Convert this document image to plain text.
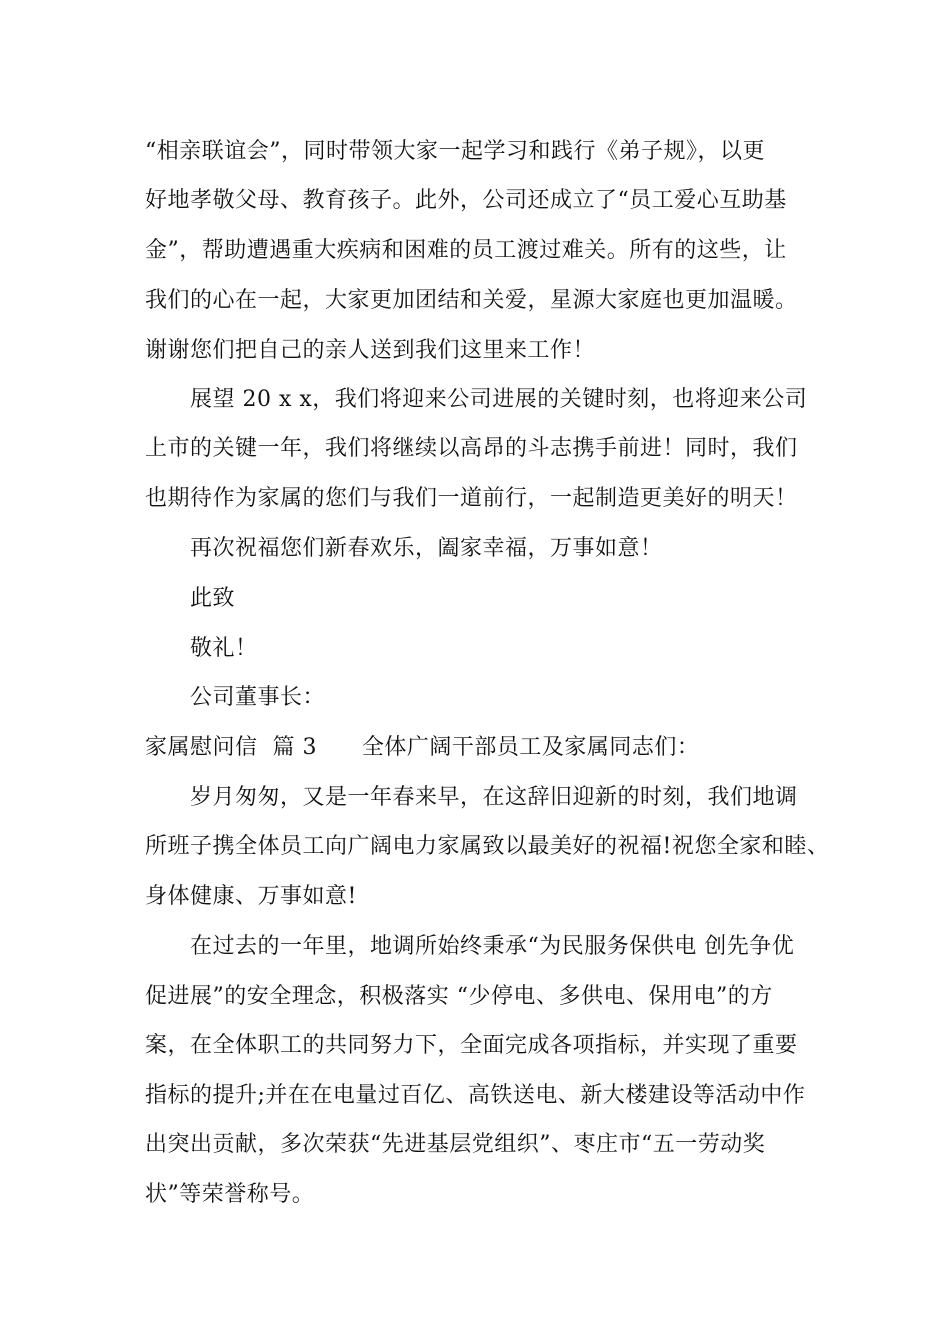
“相亲联谊会”，同时带领大家一起学习和践行《弟子规》，以更
好地孝敬父母、教育孩子。此外，公司还成立了“员工爱心互助基
金”，帮助遭遇重大疾病和困难的员工渡过难关。所有的这些，让
我们的心在一起，大家更加团结和关爱，星源大家庭也更加温暖。
谢谢您们把自己的亲人送到我们这里来工作！
展望 20 x x，我们将迎来公司进展的关键时刻，也将迎来公司
上市的关键一年，我们将继续以高昂的斗志携手前进！同时，我们
也期待作为家属的您们与我们一道前行，一起制造更美好的明天！
再次祝福您们新春欢乐，阖家幸福，万事如意！
此致
敬礼！
公司董事长：
家属慰问信  篇 3      全体广阔干部员工及家属同志们：
岁月匆匆，又是一年春来早，在这辞旧迎新的时刻，我们地调
所班子携全体员工向广阔电力家属致以最美好的祝福!祝您全家和睦、
身体健康、万事如意!
在过去的一年里，地调所始终秉承“为民服务保供电 创先争优
促进展”的安全理念，积极落实 “少停电、多供电、保用电”的方
案，在全体职工的共同努力下，全面完成各项指标，并实现了重要
指标的提升;并在在电量过百亿、高铁送电、新大楼建设等活动中作
出突出贡献，多次荣获“先进基层党组织”、枣庄市“五一劳动奖
状”等荣誉称号。
